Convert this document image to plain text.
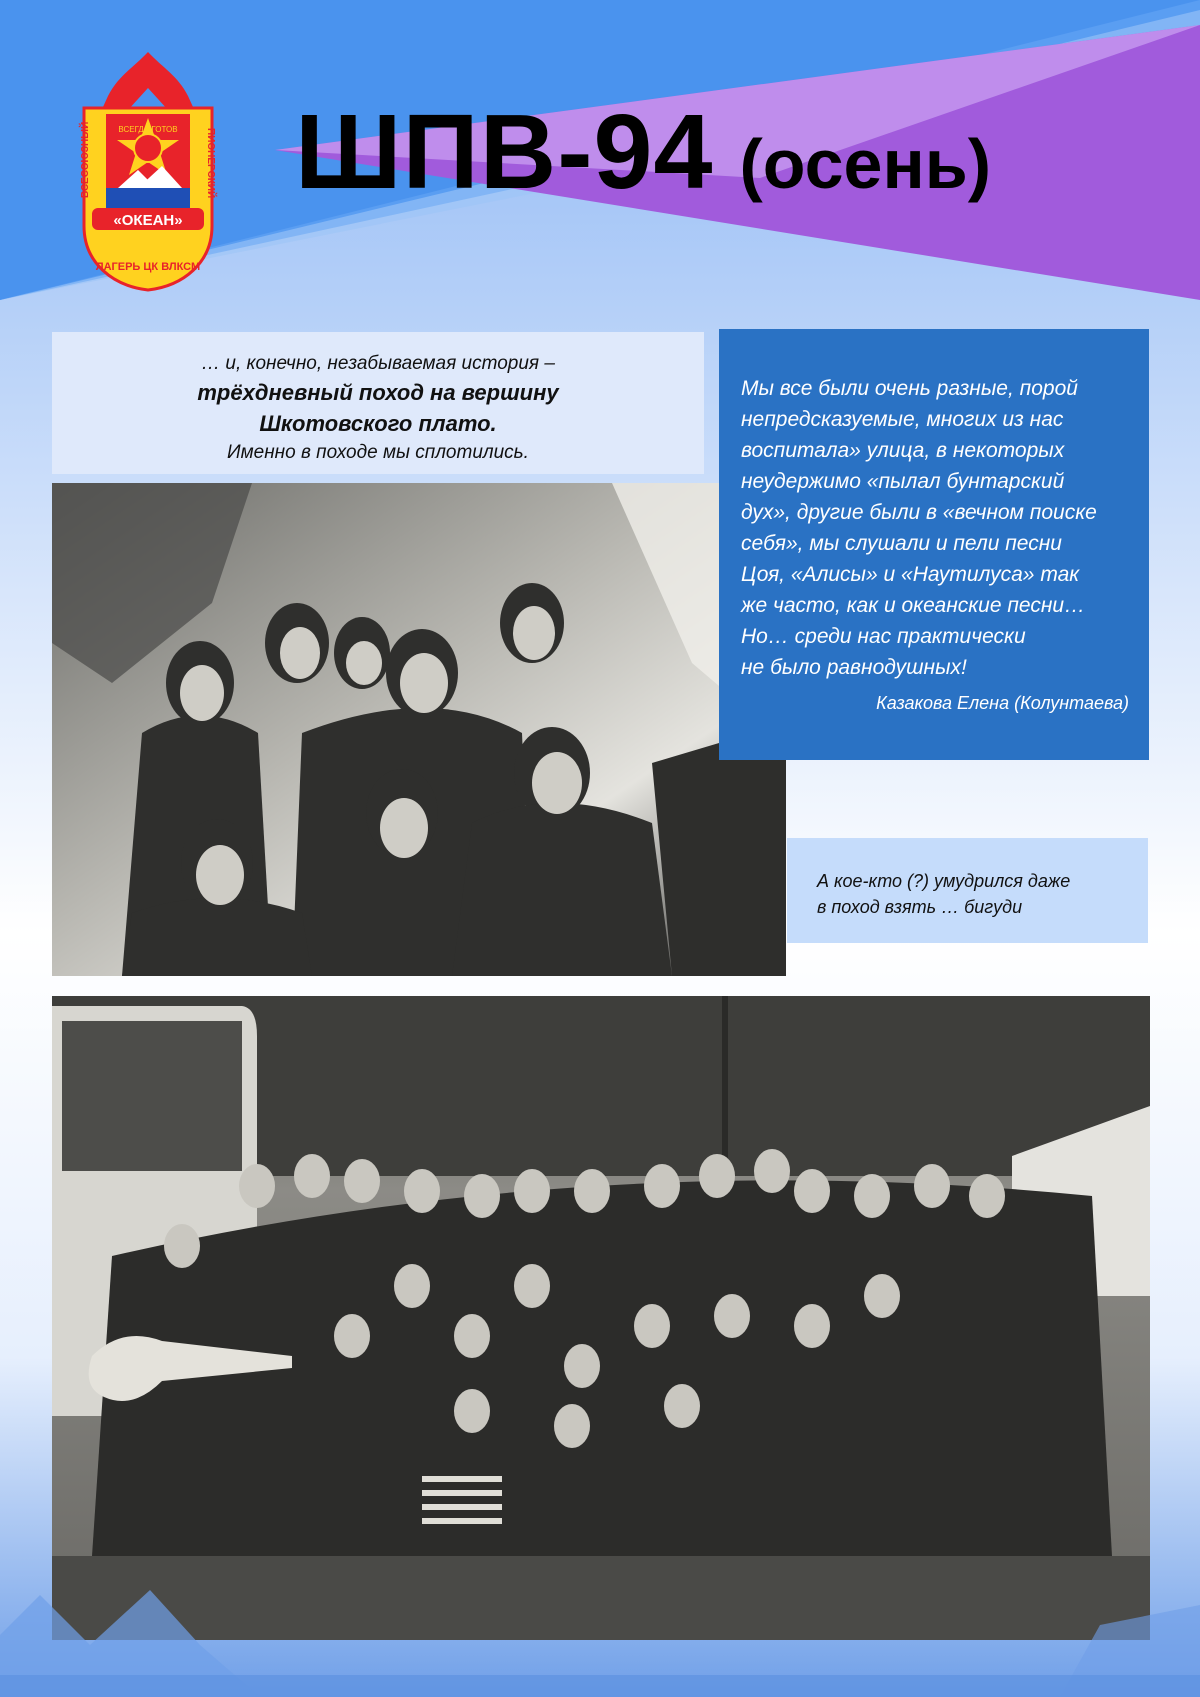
«ОКЕАН»
ВСЕСОЮЗНЫЙ	ПИОНЕРСКИЙ
ВСЕГДА ГОТОВ
ЛАГЕРЬ ЦК ВЛКСМ
ШПВ-94 (осень)
… и, конечно, незабываемая история –
трёхдневный поход на вершину
Шкотовского плато.
Именно в походе мы сплотились.
Мы все были очень разные, порой
непредсказуемые, многих из нас
воспитала» улица, в некоторых
неудержимо «пылал бунтарский
дух», другие были в «вечном поиске
себя», мы слушали и пели песни
Цоя, «Алисы» и «Наутилуса» так
же часто, как и океанские песни…
Но… среди нас практически
не было равнодушных!
Казакова Елена (Колунтаева)
А кое-кто (?) умудрился даже
в поход взять … бигуди
